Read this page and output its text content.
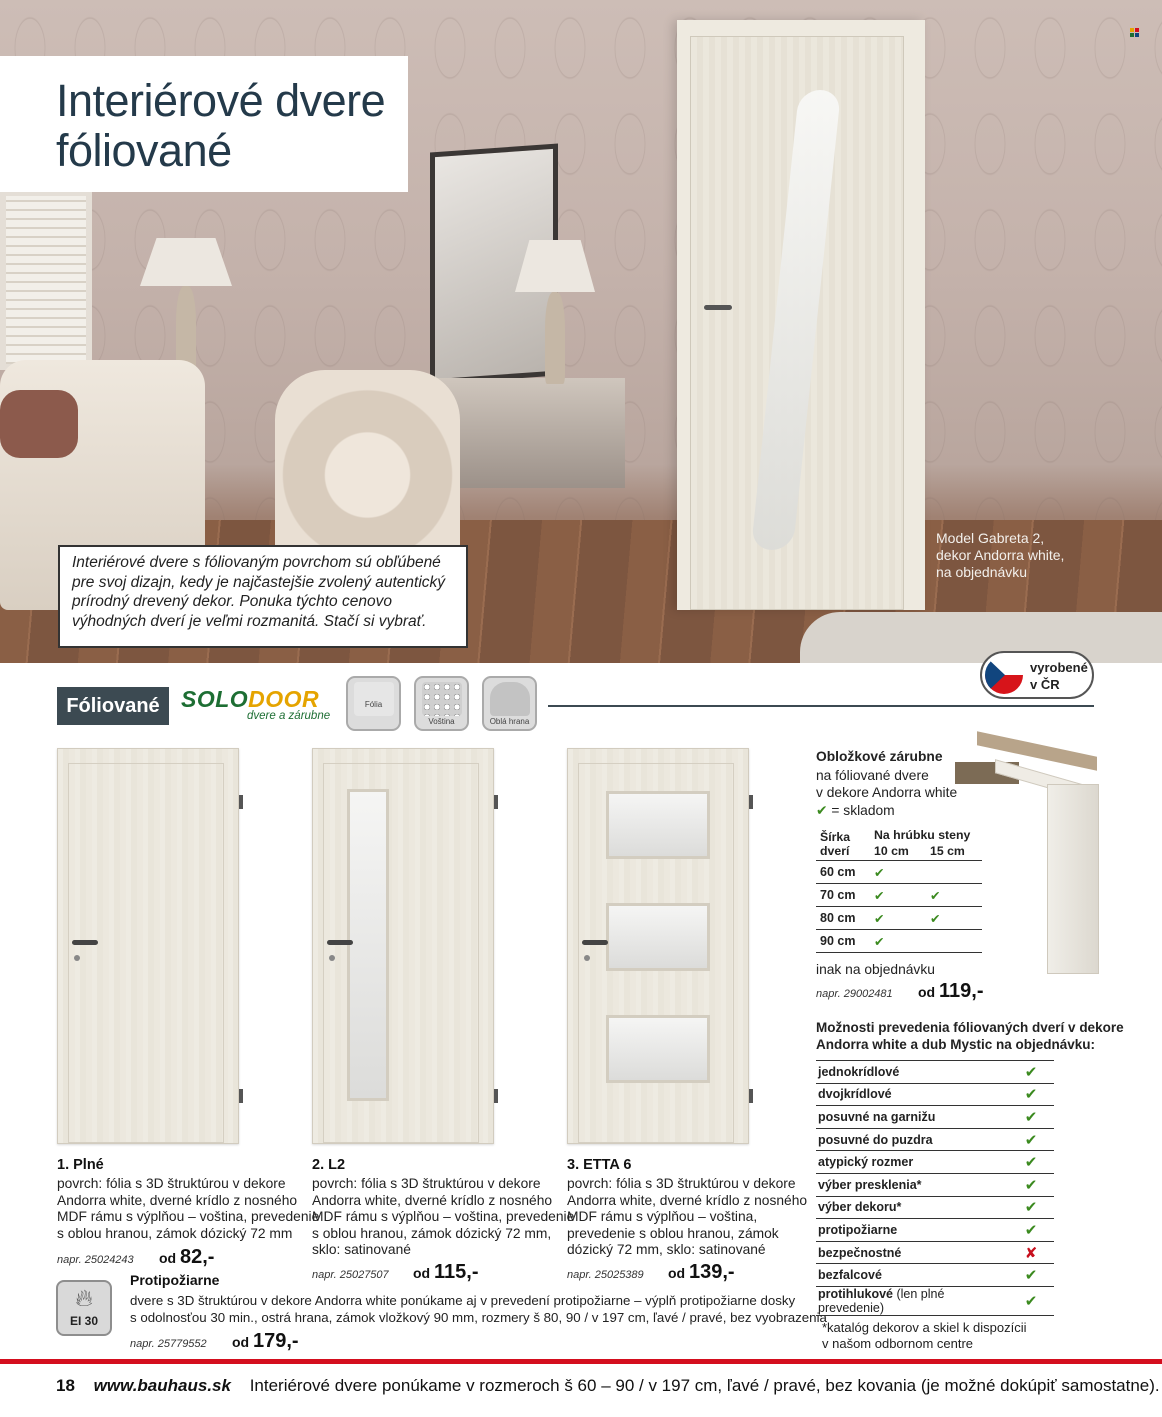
Model Gabreta 2,
dekor Andorra white,
na objednávku
Interiérové dvere
fóliované

Interiérové dvere s fóliovaným povrchom sú obľúbené pre svoj dizajn, kedy je najčastejšie zvolený autentický prírodný drevený dekor. Ponuka týchto cenovo výhodných dverí je veľmi rozmanitá. Stačí si vybrať.

Fóliované SOLODOOR
dvere a zárubne
Fólia
Voština	Oblá hrana
vyrobené
v ČR
1. Plné
povrch: fólia s 3D štruktúrou v dekore
Andorra white, dverné krídlo z nosného
MDF rámu s výplňou – voština, prevedenie
s oblou hranou, zámok dózický 72 mm
napr. 25024243 od 82,-
2. L2
povrch: fólia s 3D štruktúrou v dekore
Andorra white, dverné krídlo z nosného
MDF rámu s výplňou – voština, prevedenie
s oblou hranou, zámok dózický 72 mm,
sklo: satinované
napr. 25027507 od 115,-
3. ETTA 6
povrch: fólia s 3D štruktúrou v dekore
Andorra white, dverné krídlo z nosného
MDF rámu s výplňou – voština,
prevedenie s oblou hranou, zámok
dózický 72 mm, sklo: satinované
napr. 25025389 od 139,-
🔥︎
EI 30
Protipožiarne
dvere s 3D štruktúrou v dekore Andorra white ponúkame aj v prevedení protipožiarne – výplň protipožiarne dosky
s odolnosťou 30 min., ostrá hrana, zámok vložkový 90 mm, rozmery š 80, 90 / v 197 cm, ľavé / pravé, bez vyobrazenia
napr. 25779552 od 179,-
Obložkové zárubne
na fóliované dvere
v dekore Andorra white
✔ = skladom
Šírka
dverí	Na hrúbku steny	
	10 cm	15 cm
60 cm	✔	
70 cm	✔	✔
80 cm	✔	✔
90 cm	✔	
inak na objednávku
napr. 29002481 od 119,-
Možnosti prevedenia fóliovaných dverí v dekore
Andorra white a dub Mystic na objednávku:
jednokrídlové	✔
dvojkrídlové	✔
posuvné na garnižu	✔
posuvné do puzdra	✔
atypický rozmer	✔
výber presklenia*	✔
výber dekoru*	✔
protipožiarne	✔
bezpečnostné	✘
bezfalcové	✔
protihlukové (len plné prevedenie)	✔
*katalóg dekorov a skiel k dispozícii
v našom odbornom centre
18 www.bauhaus.sk Interiérové dvere ponúkame v rozmeroch š 60 – 90 / v 197 cm, ľavé / pravé, bez kovania (je možné dokúpiť samostatne).
